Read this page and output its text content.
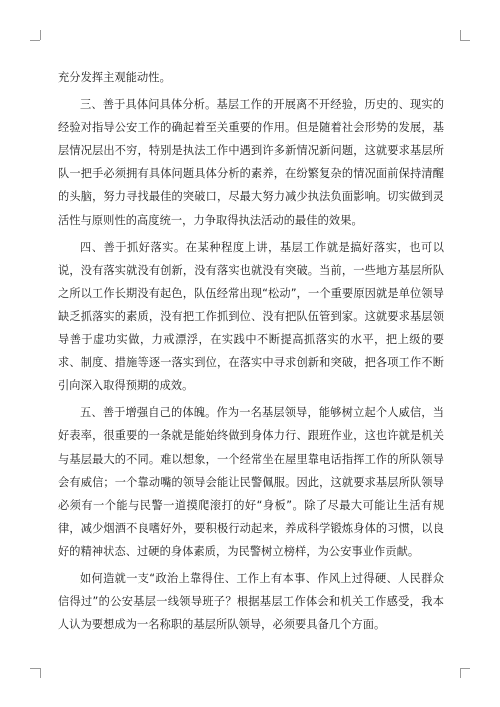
充分发挥主观能动性。

三、善于具体问具体分析。基层工作的开展离不开经验，历史的、现实的经验对指导公安工作的确起着至关重要的作用。但是随着社会形势的发展，基层情况层出不穷，特别是执法工作中遇到许多新情况新问题，这就要求基层所队一把手必须拥有具体问题具体分析的素养，在纷繁复杂的情况面前保持清醒的头脑，努力寻找最佳的突破口，尽最大努力减少执法负面影响。切实做到灵活性与原则性的高度统一，力争取得执法活动的最佳的效果。

四、善于抓好落实。在某种程度上讲，基层工作就是搞好落实，也可以说，没有落实就没有创新，没有落实也就没有突破。当前，一些地方基层所队之所以工作长期没有起色，队伍经常出现“松动”，一个重要原因就是单位领导缺乏抓落实的素质，没有把工作抓到位、没有把队伍管到家。这就要求基层领导善于虚功实做，力戒漂浮，在实践中不断提高抓落实的水平，把上级的要求、制度、措施等逐一落实到位，在落实中寻求创新和突破，把各项工作不断引向深入取得预期的成效。

五、善于增强自己的体魄。作为一名基层领导，能够树立起个人威信，当好表率，很重要的一条就是能始终做到身体力行、跟班作业，这也许就是机关与基层最大的不同。难以想象，一个经常坐在屋里靠电话指挥工作的所队领导会有威信；一个靠动嘴的领导会能让民警佩服。因此，这就要求基层所队领导必须有一个能与民警一道摸爬滚打的好“身板”。除了尽最大可能让生活有规律，减少烟酒不良嗜好外，要积极行动起来，养成科学锻炼身体的习惯，以良好的精神状态、过硬的身体素质，为民警树立榜样，为公安事业作贡献。

如何造就一支“政治上靠得住、工作上有本事、作风上过得硬、人民群众信得过”的公安基层一线领导班子？根据基层工作体会和机关工作感受，我本人认为要想成为一名称职的基层所队领导，必须要具备几个方面。
